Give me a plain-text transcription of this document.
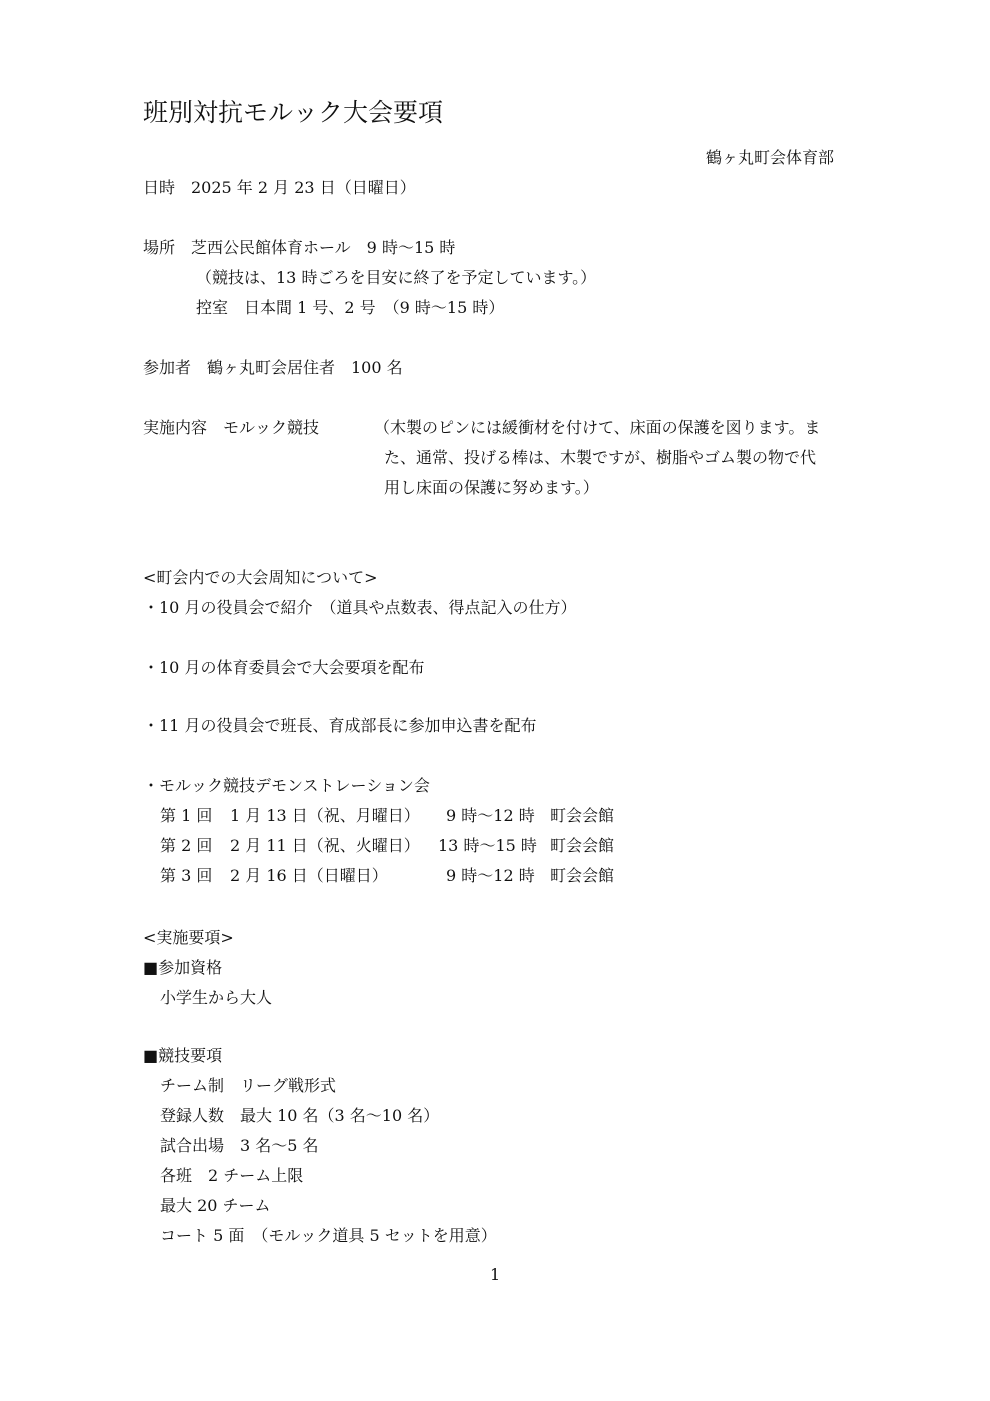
班別対抗モルック大会要項
鶴ヶ丸町会体育部
日時　2025 年 2 月 23 日（日曜日）
場所　芝西公民館体育ホール　9 時～15 時
（競技は、13 時ごろを目安に終了を予定しています。）
控室　日本間 1 号、2 号　（9 時～15 時）
参加者　鶴ヶ丸町会居住者　100 名
実施内容　モルック競技	（木製のピンには緩衝材を付けて、床面の保護を図ります。ま
た、通常、投げる棒は、木製ですが、樹脂やゴム製の物で代
用し床面の保護に努めます。）
<町会内での大会周知について>
・10 月の役員会で紹介　（道具や点数表、得点記入の仕方）
・10 月の体育委員会で大会要項を配布
・11 月の役員会で班長、育成部長に参加申込書を配布
・モルック競技デモンストレーション会
第 1 回 1 月 13 日（祝、月曜日） 9 時～12 時 町会会館
第 2 回 2 月 11 日（祝、火曜日） 13 時～15 時 町会会館
第 3 回 2 月 16 日（日曜日）	9 時～12 時 町会会館
<実施要項>
■参加資格
小学生から大人
■競技要項
チーム制　リーグ戦形式
登録人数　最大 10 名（3 名～10 名）
試合出場　3 名～5 名
各班　2 チーム上限
最大 20 チーム
コート 5 面　（モルック道具 5 セットを用意）
1
